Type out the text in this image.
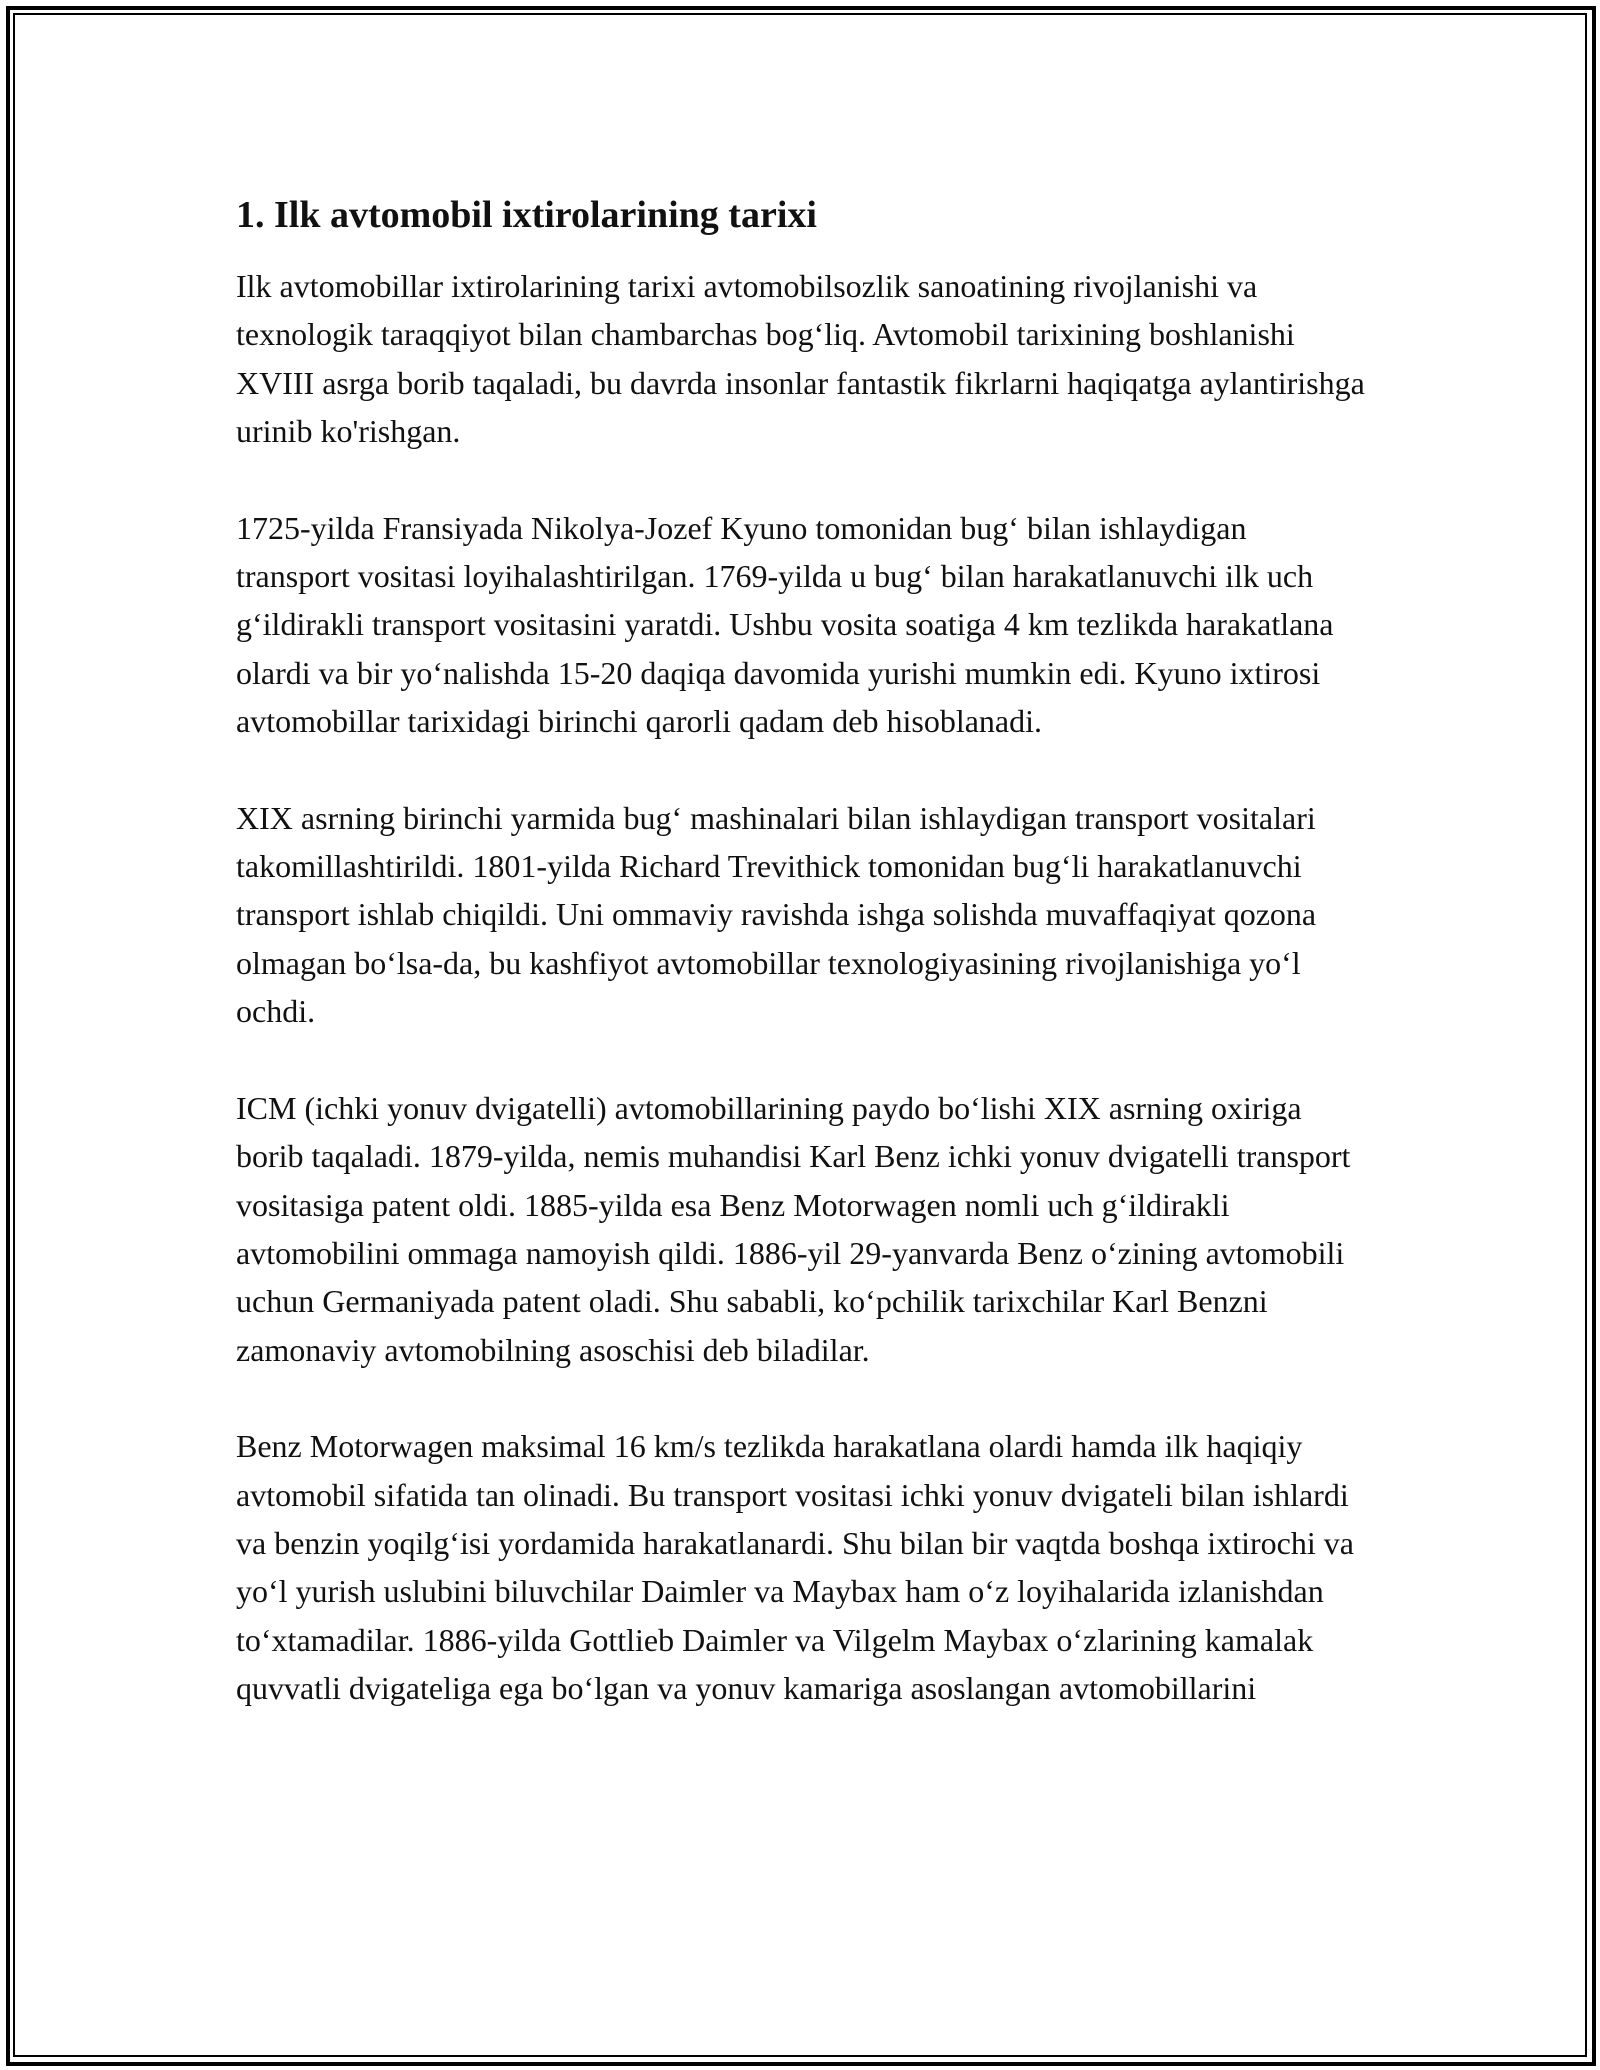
1. Ilk avtomobil ixtirolarining tarixi

Ilk avtomobillar ixtirolarining tarixi avtomobilsozlik sanoatining rivojlanishi va texnologik taraqqiyot bilan chambarchas bog‘liq. Avtomobil tarixining boshlanishi XVIII asrga borib taqaladi, bu davrda insonlar fantastik fikrlarni haqiqatga aylantirishga urinib ko'rishgan.

1725-yilda Fransiyada Nikolya-Jozef Kyuno tomonidan bug‘ bilan ishlaydigan transport vositasi loyihalashtirilgan. 1769-yilda u bug‘ bilan harakatlanuvchi ilk uch g‘ildirakli transport vositasini yaratdi. Ushbu vosita soatiga 4 km tezlikda harakatlana olardi va bir yo‘nalishda 15-20 daqiqa davomida yurishi mumkin edi. Kyuno ixtirosi avtomobillar tarixidagi birinchi qarorli qadam deb hisoblanadi.

XIX asrning birinchi yarmida bug‘ mashinalari bilan ishlaydigan transport vositalari takomillashtirildi. 1801-yilda Richard Trevithick tomonidan bug‘li harakatlanuvchi transport ishlab chiqildi. Uni ommaviy ravishda ishga solishda muvaffaqiyat qozona olmagan bo‘lsa-da, bu kashfiyot avtomobillar texnologiyasining rivojlanishiga yo‘l ochdi.

ICM (ichki yonuv dvigatelli) avtomobillarining paydo bo‘lishi XIX asrning oxiriga borib taqaladi. 1879-yilda, nemis muhandisi Karl Benz ichki yonuv dvigatelli transport vositasiga patent oldi. 1885-yilda esa Benz Motorwagen nomli uch g‘ildirakli avtomobilini ommaga namoyish qildi. 1886-yil 29-yanvarda Benz o‘zining avtomobili uchun Germaniyada patent oladi. Shu sababli, ko‘pchilik tarixchilar Karl Benzni zamonaviy avtomobilning asoschisi deb biladilar.

Benz Motorwagen maksimal 16 km/s tezlikda harakatlana olardi hamda ilk haqiqiy avtomobil sifatida tan olinadi. Bu transport vositasi ichki yonuv dvigateli bilan ishlardi va benzin yoqilg‘isi yordamida harakatlanardi. Shu bilan bir vaqtda boshqa ixtirochi va yo‘l yurish uslubini biluvchilar Daimler va Maybax ham o‘z loyihalarida izlanishdan to‘xtamadilar. 1886-yilda Gottlieb Daimler va Vilgelm Maybax o‘zlarining kamalak quvvatli dvigateliga ega bo‘lgan va yonuv kamariga asoslangan avtomobillarini
